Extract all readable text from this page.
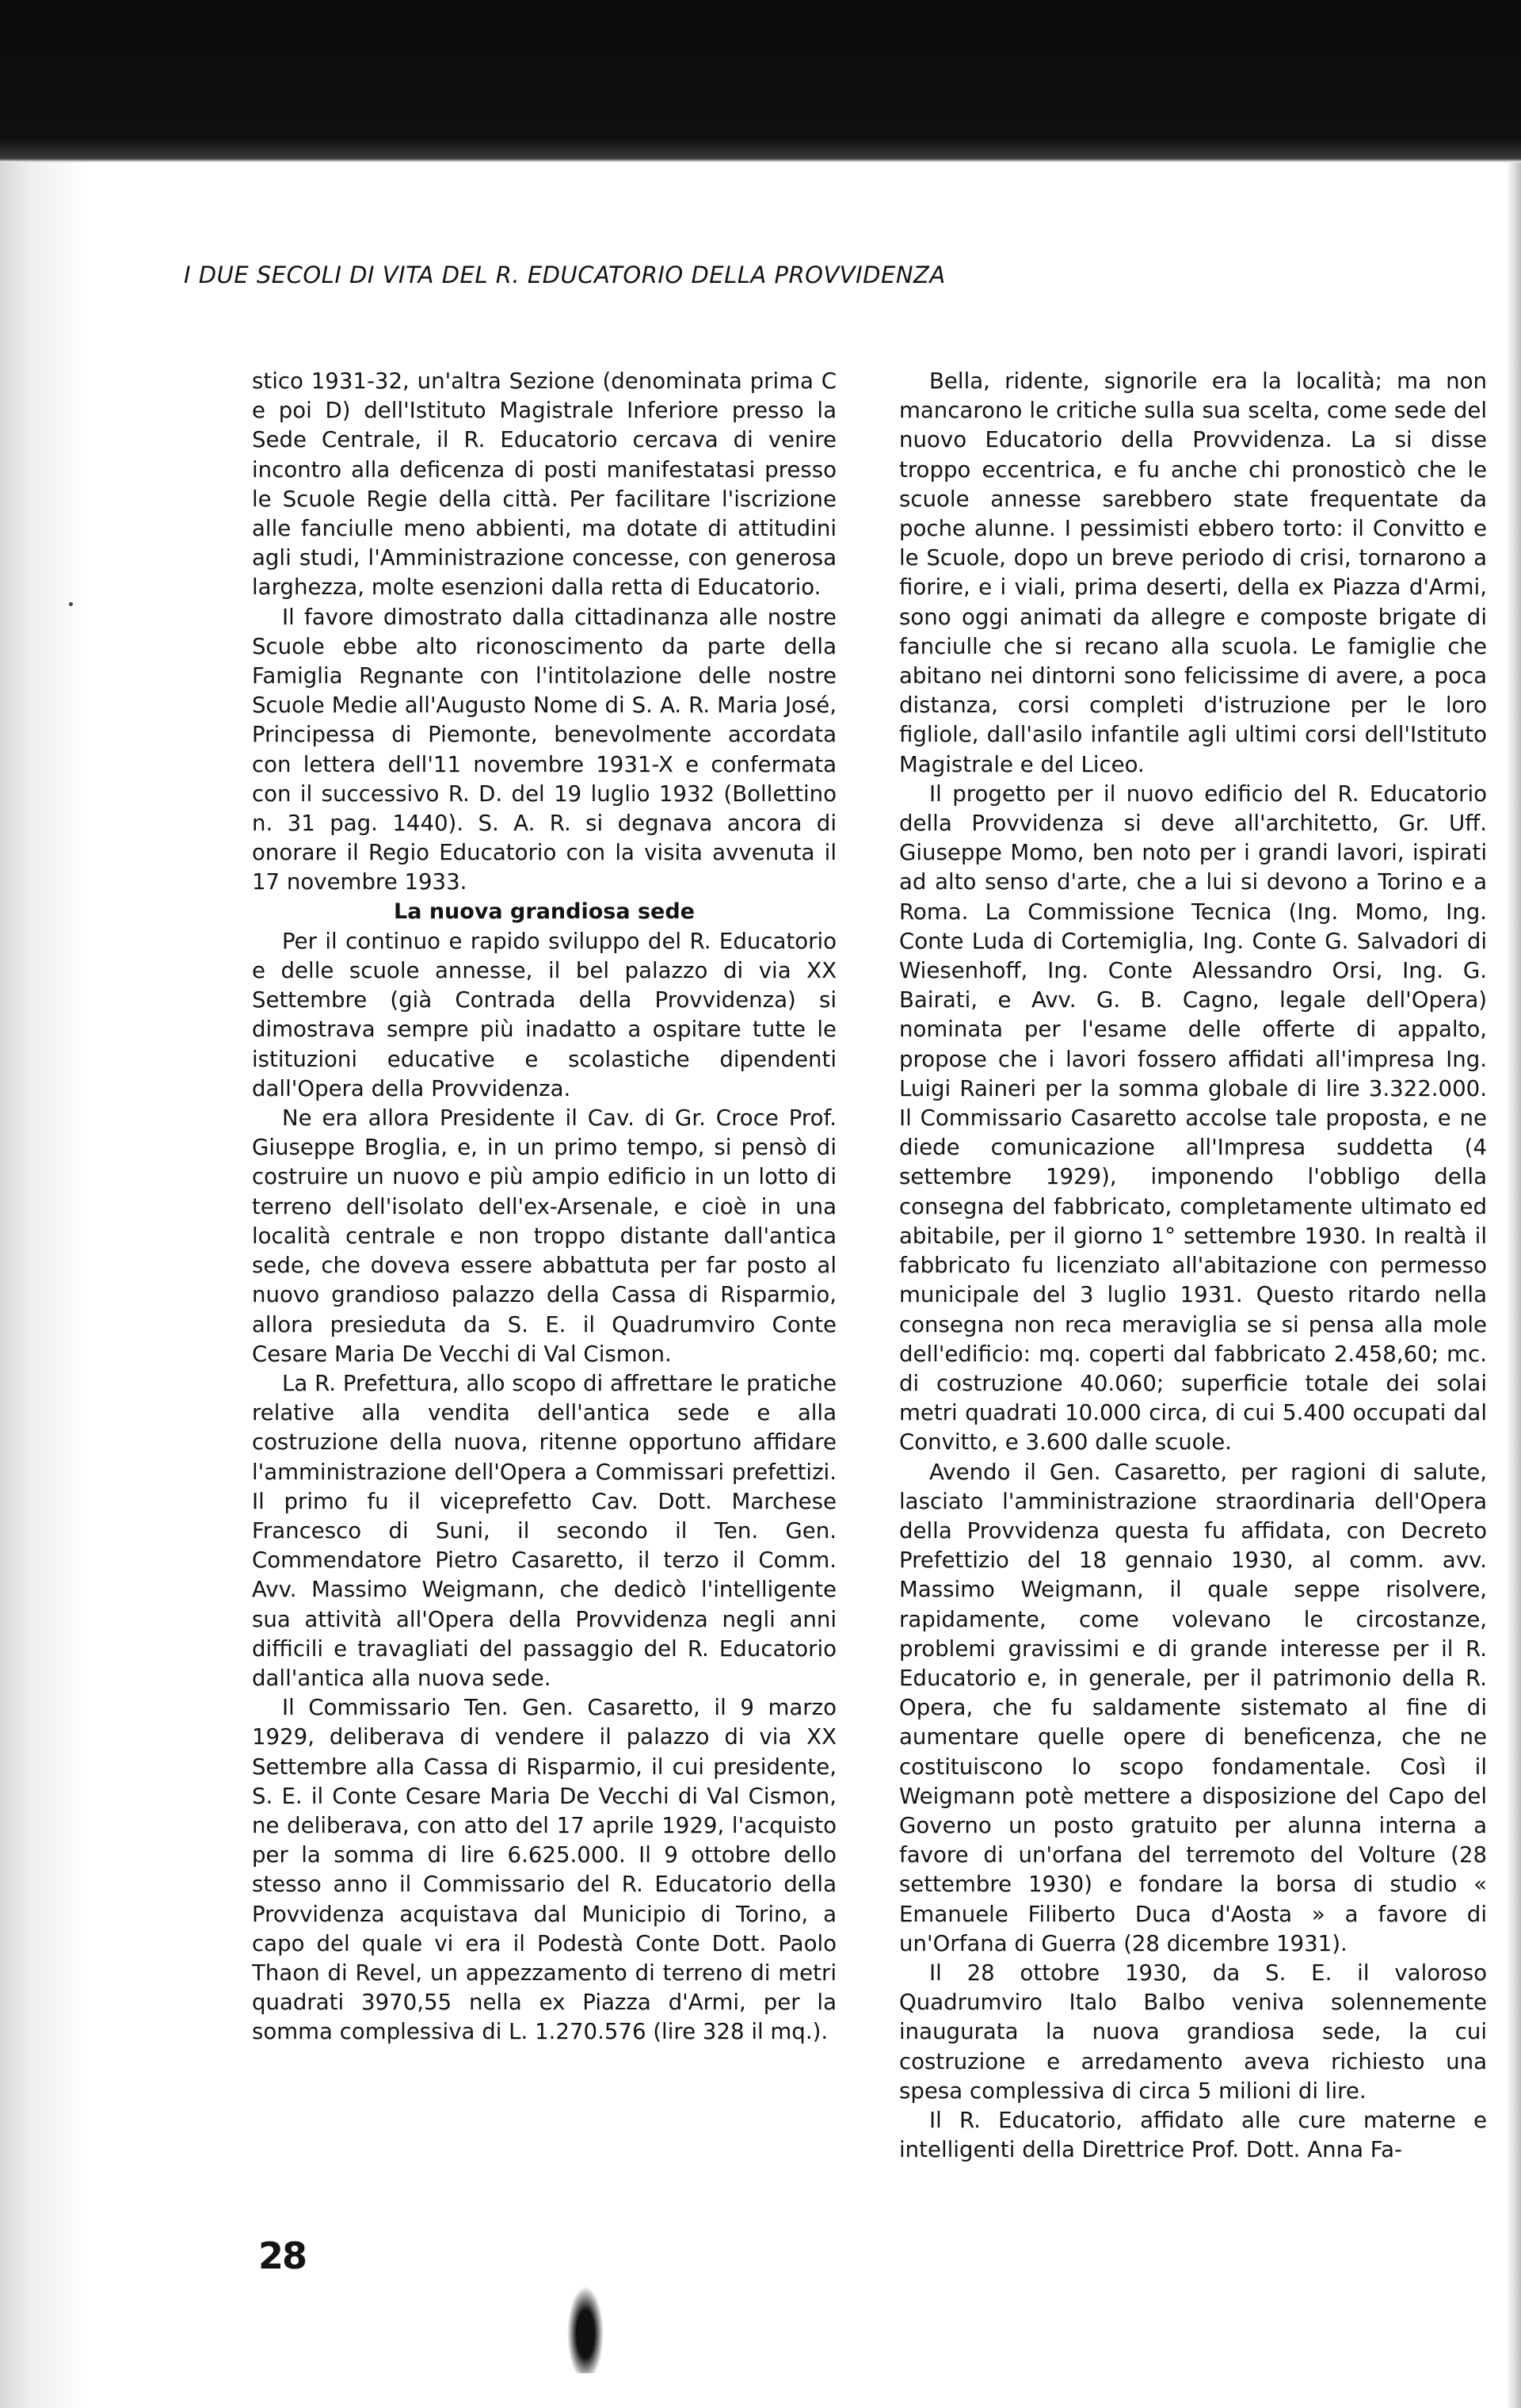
I DUE SECOLI DI VITA DEL R. EDUCATORIO DELLA PROVVIDENZA

stico 1931-32, un'altra Sezione (denominata prima C e poi D) dell'Istituto Magistrale Inferiore presso la Sede Centrale, il R. Educatorio cercava di venire incontro alla deficenza di posti manifestatasi presso le Scuole Regie della città. Per facilitare l'iscrizione alle fanciulle meno abbienti, ma dotate di attitudini agli studi, l'Amministrazione concesse, con generosa larghezza, molte esenzioni dalla retta di Educatorio.

Il favore dimostrato dalla cittadinanza alle nostre Scuole ebbe alto riconoscimento da parte della Famiglia Regnante con l'intitolazione delle nostre Scuole Medie all'Augusto Nome di S. A. R. Maria José, Principessa di Piemonte, benevolmente accordata con lettera dell'11 novembre 1931-X e confermata con il successivo R. D. del 19 luglio 1932 (Bollettino n. 31 pag. 1440). S. A. R. si degnava ancora di onorare il Regio Educatorio con la visita avvenuta il 17 novembre 1933.

La nuova grandiosa sede

Per il continuo e rapido sviluppo del R. Educatorio e delle scuole annesse, il bel palazzo di via XX Settembre (già Contrada della Provvidenza) si dimostrava sempre più inadatto a ospitare tutte le istituzioni educative e scolastiche dipendenti dall'Opera della Provvidenza.

Ne era allora Presidente il Cav. di Gr. Croce Prof. Giuseppe Broglia, e, in un primo tempo, si pensò di costruire un nuovo e più ampio edificio in un lotto di terreno dell'isolato dell'ex-Arsenale, e cioè in una località centrale e non troppo distante dall'antica sede, che doveva essere abbattuta per far posto al nuovo grandioso palazzo della Cassa di Risparmio, allora presieduta da S. E. il Quadrumviro Conte Cesare Maria De Vecchi di Val Cismon.

La R. Prefettura, allo scopo di affrettare le pratiche relative alla vendita dell'antica sede e alla costruzione della nuova, ritenne opportuno affidare l'amministrazione dell'Opera a Commissari prefettizi. Il primo fu il viceprefetto Cav. Dott. Marchese Francesco di Suni, il secondo il Ten. Gen. Commendatore Pietro Casaretto, il terzo il Comm. Avv. Massimo Weigmann, che dedicò l'intelligente sua attività all'Opera della Provvidenza negli anni difficili e travagliati del passaggio del R. Educatorio dall'antica alla nuova sede.

Il Commissario Ten. Gen. Casaretto, il 9 marzo 1929, deliberava di vendere il palazzo di via XX Settembre alla Cassa di Risparmio, il cui presidente, S. E. il Conte Cesare Maria De Vecchi di Val Cismon, ne deliberava, con atto del 17 aprile 1929, l'acquisto per la somma di lire 6.625.000. Il 9 ottobre dello stesso anno il Commissario del R. Educatorio della Provvidenza acquistava dal Municipio di Torino, a capo del quale vi era il Podestà Conte Dott. Paolo Thaon di Revel, un appezzamento di terreno di metri quadrati 3970,55 nella ex Piazza d'Armi, per la somma complessiva di L. 1.270.576 (lire 328 il mq.).

Bella, ridente, signorile era la località; ma non mancarono le critiche sulla sua scelta, come sede del nuovo Educatorio della Provvidenza. La si disse troppo eccentrica, e fu anche chi pronosticò che le scuole annesse sarebbero state frequentate da poche alunne. I pessimisti ebbero torto: il Convitto e le Scuole, dopo un breve periodo di crisi, tornarono a fiorire, e i viali, prima deserti, della ex Piazza d'Armi, sono oggi animati da allegre e composte brigate di fanciulle che si recano alla scuola. Le famiglie che abitano nei dintorni sono felicissime di avere, a poca distanza, corsi completi d'istruzione per le loro figliole, dall'asilo infantile agli ultimi corsi dell'Istituto Magistrale e del Liceo.

Il progetto per il nuovo edificio del R. Educatorio della Provvidenza si deve all'architetto, Gr. Uff. Giuseppe Momo, ben noto per i grandi lavori, ispirati ad alto senso d'arte, che a lui si devono a Torino e a Roma. La Commissione Tecnica (Ing. Momo, Ing. Conte Luda di Cortemiglia, Ing. Conte G. Salvadori di Wiesenhoff, Ing. Conte Alessandro Orsi, Ing. G. Bairati, e Avv. G. B. Cagno, legale dell'Opera) nominata per l'esame delle offerte di appalto, propose che i lavori fossero affidati all'impresa Ing. Luigi Raineri per la somma globale di lire 3.322.000. Il Commissario Casaretto accolse tale proposta, e ne diede comunicazione all'Impresa suddetta (4 settembre 1929), imponendo l'obbligo della consegna del fabbricato, completamente ultimato ed abitabile, per il giorno 1° settembre 1930. In realtà il fabbricato fu licenziato all'abitazione con permesso municipale del 3 luglio 1931. Questo ritardo nella consegna non reca meraviglia se si pensa alla mole dell'edificio: mq. coperti dal fabbricato 2.458,60; mc. di costruzione 40.060; superficie totale dei solai metri quadrati 10.000 circa, di cui 5.400 occupati dal Convitto, e 3.600 dalle scuole.

Avendo il Gen. Casaretto, per ragioni di salute, lasciato l'amministrazione straordinaria dell'Opera della Provvidenza questa fu affidata, con Decreto Prefettizio del 18 gennaio 1930, al comm. avv. Massimo Weigmann, il quale seppe risolvere, rapidamente, come volevano le circostanze, problemi gravissimi e di grande interesse per il R. Educatorio e, in generale, per il patrimonio della R. Opera, che fu saldamente sistemato al fine di aumentare quelle opere di beneficenza, che ne costituiscono lo scopo fondamentale. Così il Weigmann potè mettere a disposizione del Capo del Governo un posto gratuito per alunna interna a favore di un'orfana del terremoto del Volture (28 settembre 1930) e fondare la borsa di studio « Emanuele Filiberto Duca d'Aosta » a favore di un'Orfana di Guerra (28 dicembre 1931).

Il 28 ottobre 1930, da S. E. il valoroso Quadrumviro Italo Balbo veniva solennemente inaugurata la nuova grandiosa sede, la cui costruzione e arredamento aveva richiesto una spesa complessiva di circa 5 milioni di lire.

Il R. Educatorio, affidato alle cure materne e intelligenti della Direttrice Prof. Dott. Anna Fa-

28
